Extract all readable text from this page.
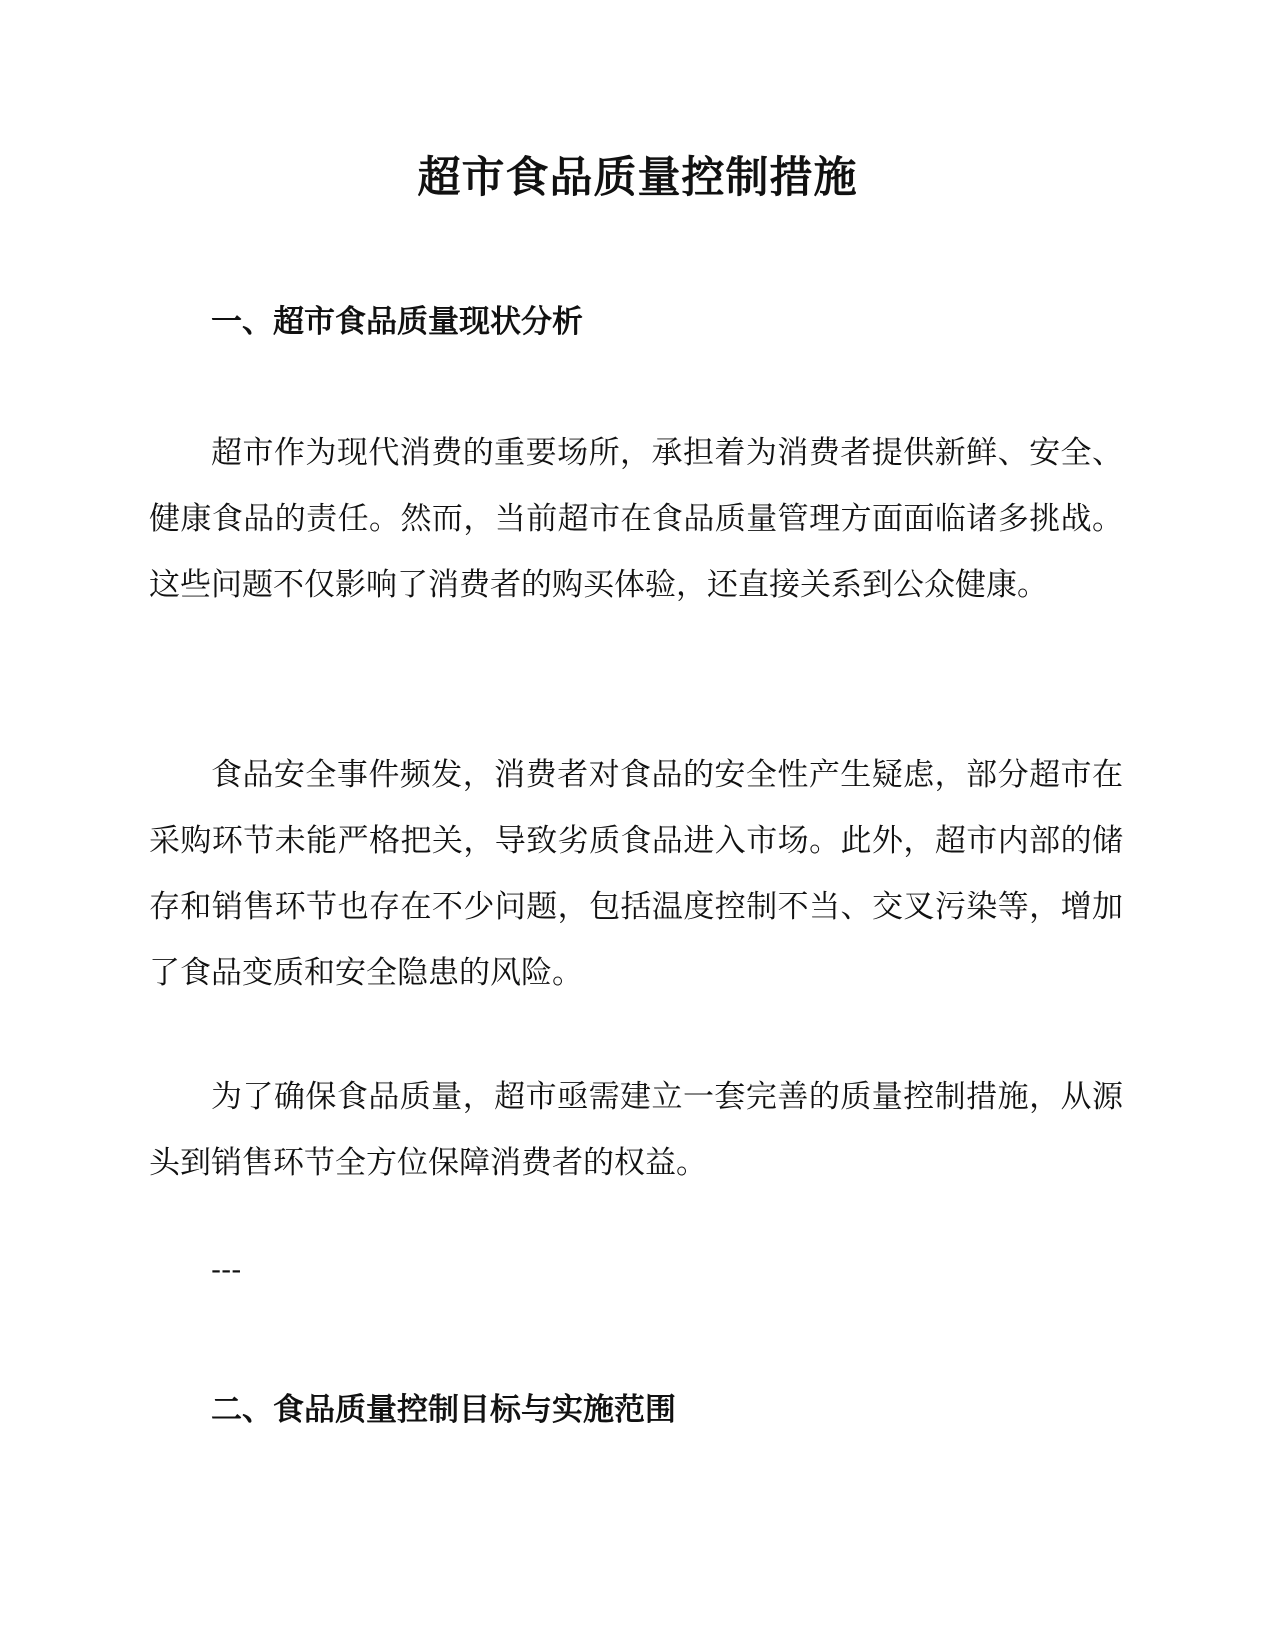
超市食品质量控制措施
一、超市食品质量现状分析

超市作为现代消费的重要场所，承担着为消费者提供新鲜、安全、健康食品的责任。然而，当前超市在食品质量管理方面面临诸多挑战。这些问题不仅影响了消费者的购买体验，还直接关系到公众健康。

食品安全事件频发，消费者对食品的安全性产生疑虑，部分超市在采购环节未能严格把关，导致劣质食品进入市场。此外，超市内部的储存和销售环节也存在不少问题，包括温度控制不当、交叉污染等，增加了食品变质和安全隐患的风险。

为了确保食品质量，超市亟需建立一套完善的质量控制措施，从源头到销售环节全方位保障消费者的权益。

---
二、食品质量控制目标与实施范围
